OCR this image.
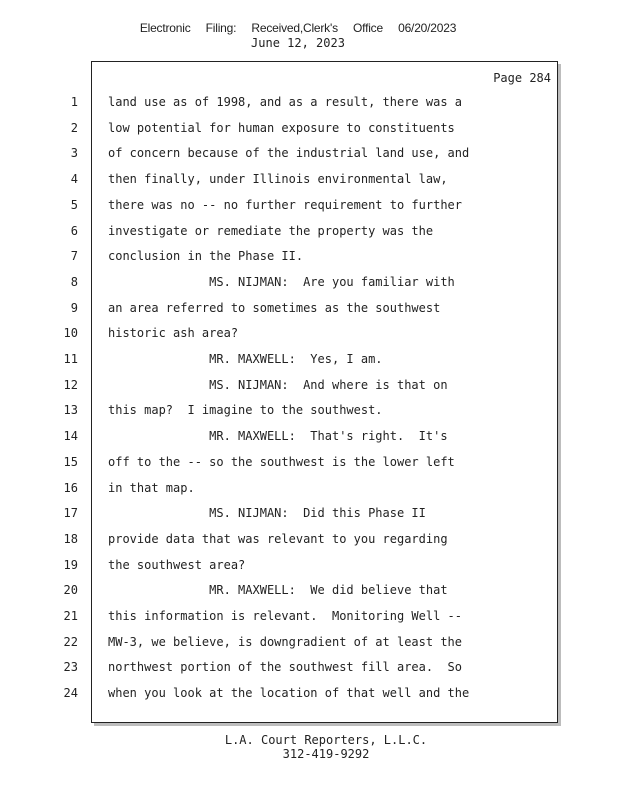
Electronic Filing: Received,Clerk's Office 06/20/2023
June 12, 2023
Page 284
1	land use as of 1998, and as a result, there was a
2	low potential for human exposure to constituents
3	of concern because of the industrial land use, and
4	then finally, under Illinois environmental law,
5	there was no -- no further requirement to further
6	investigate or remediate the property was the
7	conclusion in the Phase II.
8	MS. NIJMAN:  Are you familiar with
9	an area referred to sometimes as the southwest
10	historic ash area?
11	MR. MAXWELL:  Yes, I am.
12	MS. NIJMAN:  And where is that on
13	this map?  I imagine to the southwest.
14	MR. MAXWELL:  That's right.  It's
15	off to the -- so the southwest is the lower left
16	in that map.
17	MS. NIJMAN:  Did this Phase II
18	provide data that was relevant to you regarding
19	the southwest area?
20	MR. MAXWELL:  We did believe that
21	this information is relevant.  Monitoring Well --
22	MW-3, we believe, is downgradient of at least the
23	northwest portion of the southwest fill area.  So
24	when you look at the location of that well and the
L.A. Court Reporters, L.L.C.
312-419-9292
